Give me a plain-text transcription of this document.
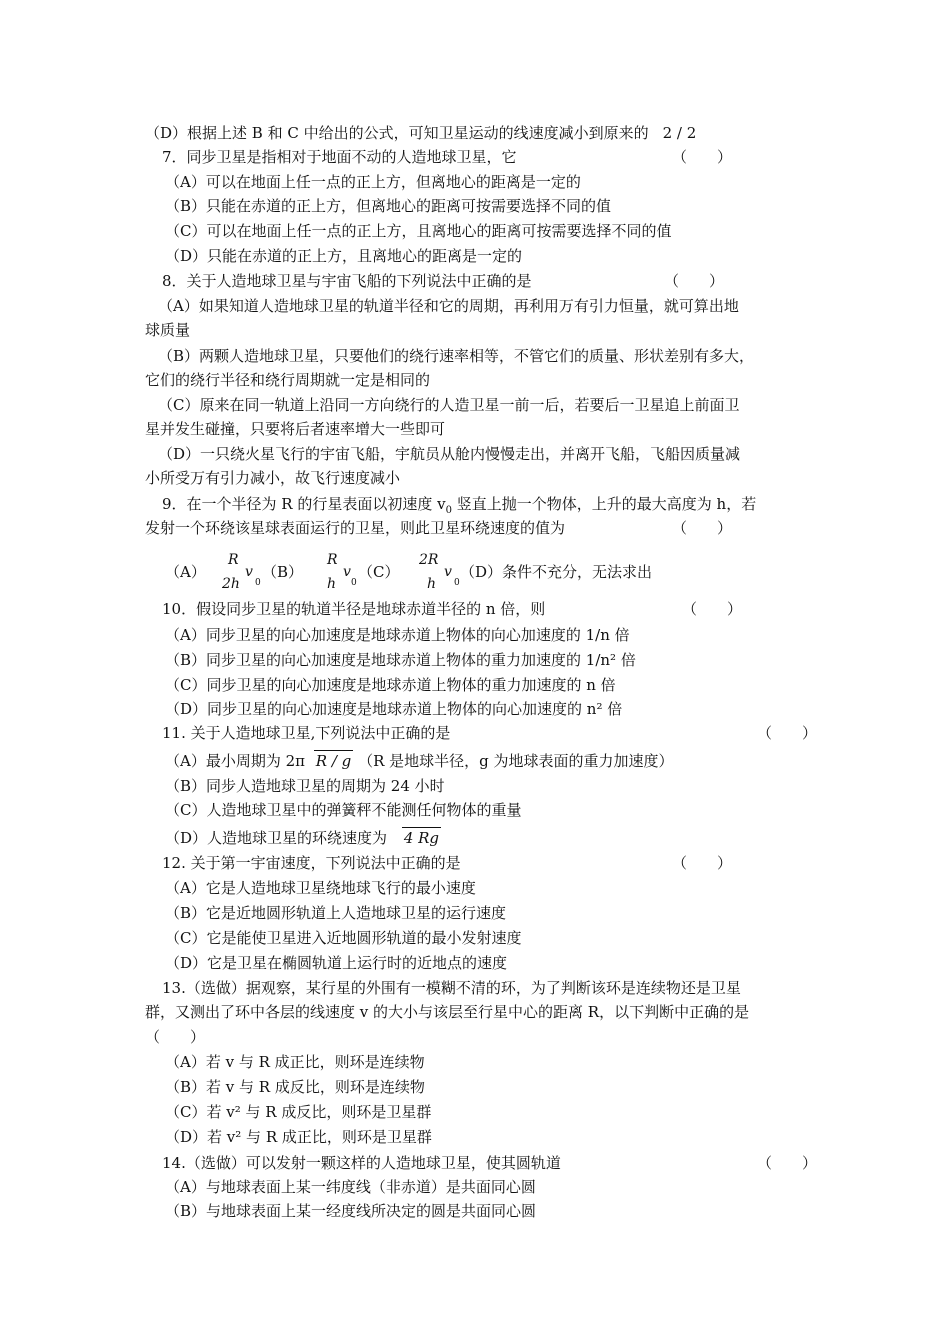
（D）根据上述 B 和 C 中给出的公式，可知卫星运动的线速度减小到原来的 2 / 2
7．同步卫星是指相对于地面不动的人造地球卫星，它	（　　）
（A）可以在地面上任一点的正上方，但离地心的距离是一定的
（B）只能在赤道的正上方，但离地心的距离可按需要选择不同的值
（C）可以在地面上任一点的正上方，且离地心的距离可按需要选择不同的值
（D）只能在赤道的正上方，且离地心的距离是一定的
8．关于人造地球卫星与宇宙飞船的下列说法中正确的是	（　　）
（A）如果知道人造地球卫星的轨道半径和它的周期，再利用万有引力恒量，就可算出地
球质量
（B）两颗人造地球卫星，只要他们的绕行速率相等，不管它们的质量、形状差别有多大，
它们的绕行半径和绕行周期就一定是相同的
（C）原来在同一轨道上沿同一方向绕行的人造卫星一前一后，若要后一卫星追上前面卫
星并发生碰撞，只要将后者速率增大一些即可
（D）一只绕火星飞行的宇宙飞船，宇航员从舱内慢慢走出，并离开飞船，飞船因质量减
小所受万有引力减小，故飞行速度减小
9．在一个半径为 R 的行星表面以初速度 $v_0$ 竖直上抛一个物体，上升的最大高度为 h，若
发射一个环绕该星球表面运行的卫星，则此卫星环绕速度的值为	（　　）
（A）
R
2h
v
0
（B）
R
h
v
0
（C）
2R
h
v
0
（D）条件不充分，无法求出
10．假设同步卫星的轨道半径是地球赤道半径的 n 倍，则	（　　）
（A）同步卫星的向心加速度是地球赤道上物体的向心加速度的 1/n 倍
（B）同步卫星的向心加速度是地球赤道上物体的重力加速度的 1/n² 倍
（C）同步卫星的向心加速度是地球赤道上物体的重力加速度的 n 倍
（D）同步卫星的向心加速度是地球赤道上物体的向心加速度的 n² 倍
11. 关于人造地球卫星,下列说法中正确的是	（　　）
（A）最小周期为 2π R / g （R 是地球半径，g 为地球表面的重力加速度）
（B）同步人造地球卫星的周期为 24 小时
（C）人造地球卫星中的弹簧秤不能测任何物体的重量
（D）人造地球卫星的环绕速度为 4 Rg
12. 关于第一宇宙速度，下列说法中正确的是	（　　）
（A）它是人造地球卫星绕地球飞行的最小速度
（B）它是近地圆形轨道上人造地球卫星的运行速度
（C）它是能使卫星进入近地圆形轨道的最小发射速度
（D）它是卫星在椭圆轨道上运行时的近地点的速度
13.（选做）据观察，某行星的外围有一模糊不清的环，为了判断该环是连续物还是卫星
群，又测出了环中各层的线速度 v 的大小与该层至行星中心的距离 R，以下判断中正确的是
（　　）
（A）若 v 与 R 成正比，则环是连续物
（B）若 v 与 R 成反比，则环是连续物
（C）若 v² 与 R 成反比，则环是卫星群
（D）若 v² 与 R 成正比，则环是卫星群
14.（选做）可以发射一颗这样的人造地球卫星，使其圆轨道	（　　）
（A）与地球表面上某一纬度线（非赤道）是共面同心圆
（B）与地球表面上某一经度线所决定的圆是共面同心圆
